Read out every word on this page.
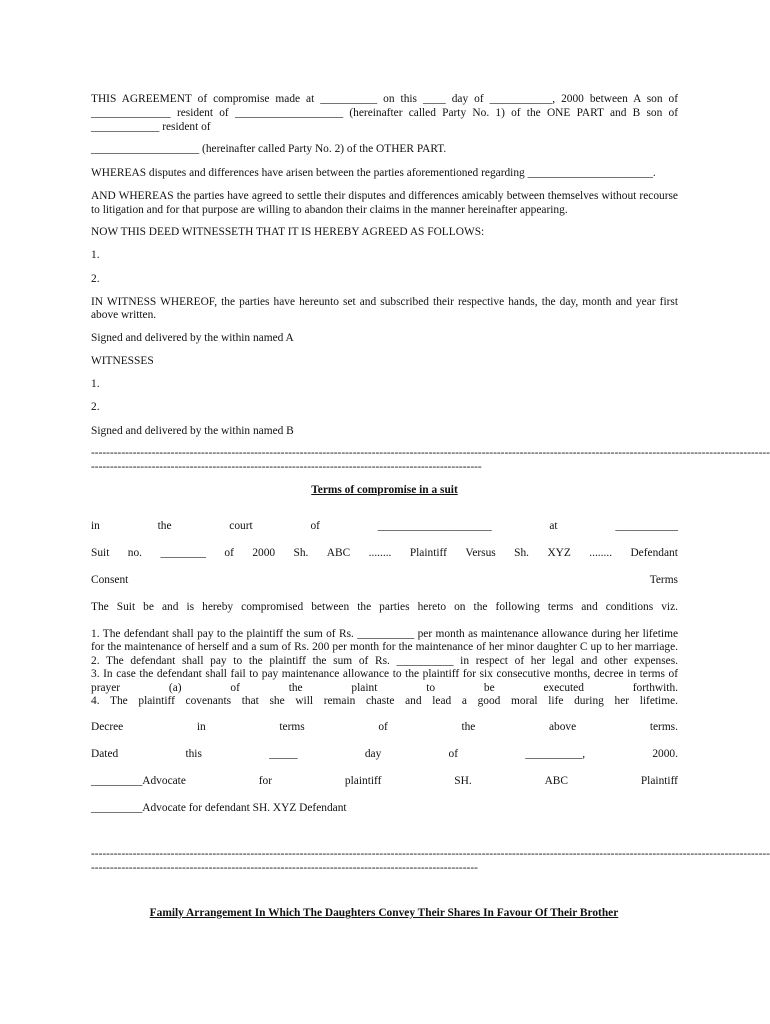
THIS AGREEMENT of compromise made at __________ on this ____ day of ___________, 2000 between A son of
______________ resident of ___________________ (hereinafter called Party No. 1) of the ONE PART and B son of
____________ resident of
___________________ (hereinafter called Party No. 2) of the OTHER PART.
WHEREAS disputes and differences have arisen between the parties aforementioned regarding ______________________.
AND WHEREAS the parties have agreed to settle their disputes and differences amicably between themselves without recourse
to litigation and for that purpose are willing to abandon their claims in the manner hereinafter appearing.
NOW THIS DEED WITNESSETH THAT IT IS HEREBY AGREED AS FOLLOWS:
1.
2.
IN WITNESS WHEREOF, the parties have hereunto set and subscribed their respective hands, the day, month and year first
above written.
Signed and delivered by the within named A
WITNESSES
1.
2.
Signed and delivered by the within named B
-----------------------------------------------------------------------------------------------------------------------------------------------------------------------------------
-------------------------------------------------------------------------------------------------------
Terms of compromise in a suit
in	the	court	of	____________________	at	___________
Suit no. ________ of 2000 Sh. ABC ........ Plaintiff Versus Sh. XYZ ........ Defendant
Consent	Terms
The Suit be and is hereby compromised between the parties hereto on the following terms and conditions viz.
1. The defendant shall pay to the plaintiff the sum of Rs. __________ per month as maintenance allowance during her lifetime
for the maintenance of herself and a sum of Rs. 200 per month for the maintenance of her minor daughter C up to her marriage.
2. The defendant shall pay to the plaintiff the sum of Rs. __________ in respect of her legal and other expenses.
3. In case the defendant shall fail to pay maintenance allowance to the plaintiff for six consecutive months, decree in terms of
prayer (a) of the plaint to be executed forthwith.
4. The plaintiff covenants that she will remain chaste and lead a good moral life during her lifetime.
Decree	in	terms	of	the	above	terms.
Dated	this	_____	day	of	__________,	2000.
_________Advocate	for	plaintiff	SH.	ABC	Plaintiff
_________Advocate for defendant SH. XYZ Defendant
-----------------------------------------------------------------------------------------------------------------------------------------------------------------------------------
------------------------------------------------------------------------------------------------------
Family Arrangement In Which The Daughters Convey Their Shares In Favour Of Their Brother
